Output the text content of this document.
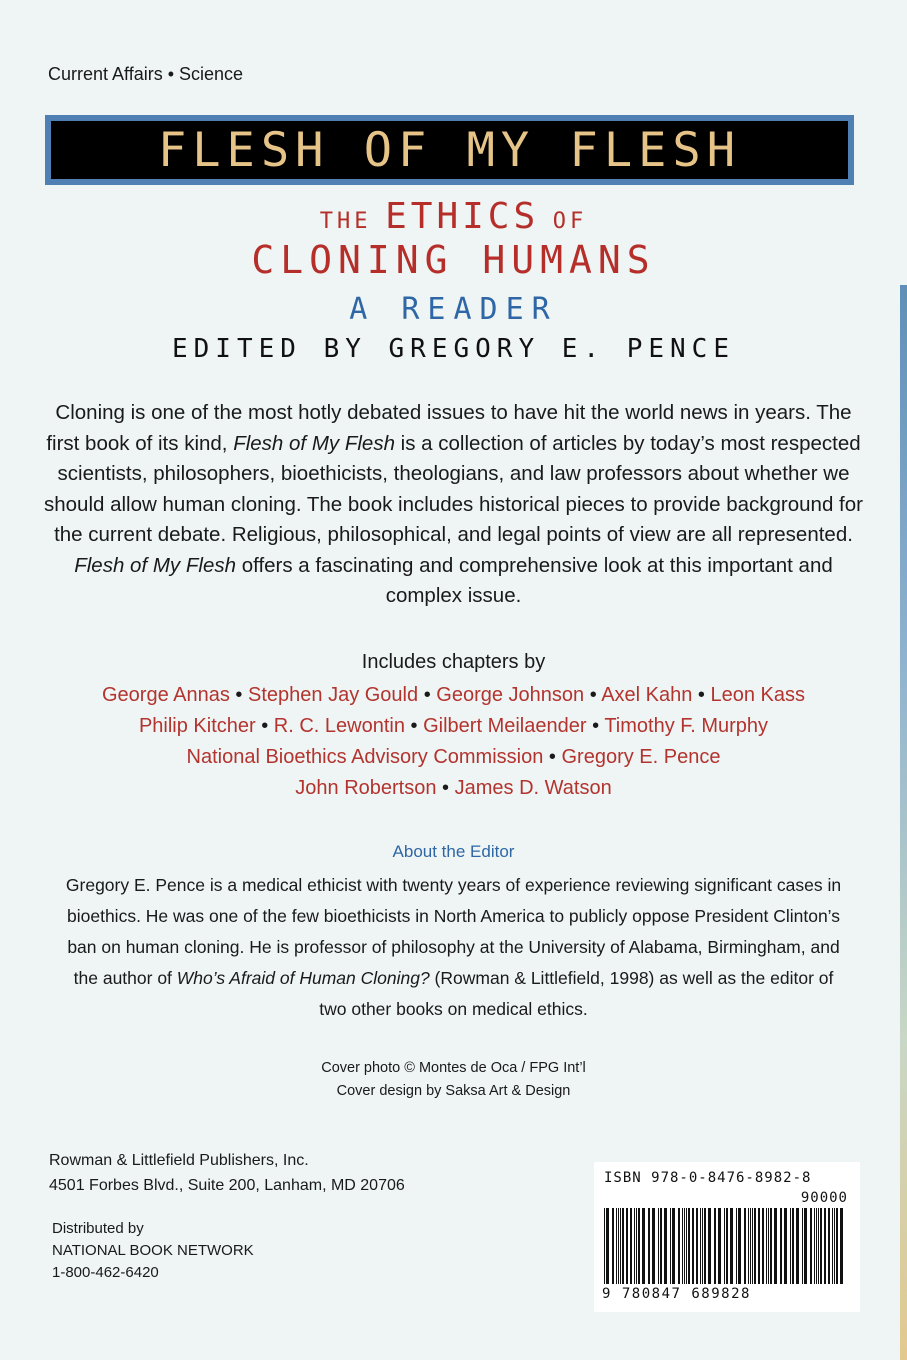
Current Affairs • Science
FLESH OF MY FLESH
THE ETHICS OF
CLONING HUMANS
A READER
EDITED BY GREGORY E. PENCE
Cloning is one of the most hotly debated issues to have hit the world news in years. The first book of its kind, Flesh of My Flesh is a collection of articles by today’s most respected scientists, philosophers, bioethicists, theologians, and law professors about whether we should allow human cloning. The book includes historical pieces to provide background for the current debate. Religious, philosophical, and legal points of view are all represented. Flesh of My Flesh offers a fascinating and comprehensive look at this important and complex issue.
Includes chapters by
George Annas • Stephen Jay Gould • George Johnson • Axel Kahn • Leon Kass
Philip Kitcher • R. C. Lewontin • Gilbert Meilaender • Timothy F. Murphy
National Bioethics Advisory Commission • Gregory E. Pence
John Robertson • James D. Watson
About the Editor
Gregory E. Pence is a medical ethicist with twenty years of experience reviewing significant cases in bioethics. He was one of the few bioethicists in North America to publicly oppose President Clinton’s ban on human cloning. He is professor of philosophy at the University of Alabama, Birmingham, and the author of Who’s Afraid of Human Cloning? (Rowman & Littlefield, 1998) as well as the editor of two other books on medical ethics.
Cover photo © Montes de Oca / FPG Int’l
Cover design by Saksa Art & Design
Rowman & Littlefield Publishers, Inc.
4501 Forbes Blvd., Suite 200, Lanham, MD 20706
Distributed by
NATIONAL BOOK NETWORK
1-800-462-6420
ISBN 978-0-8476-8982-8
90000
9 780847 689828
